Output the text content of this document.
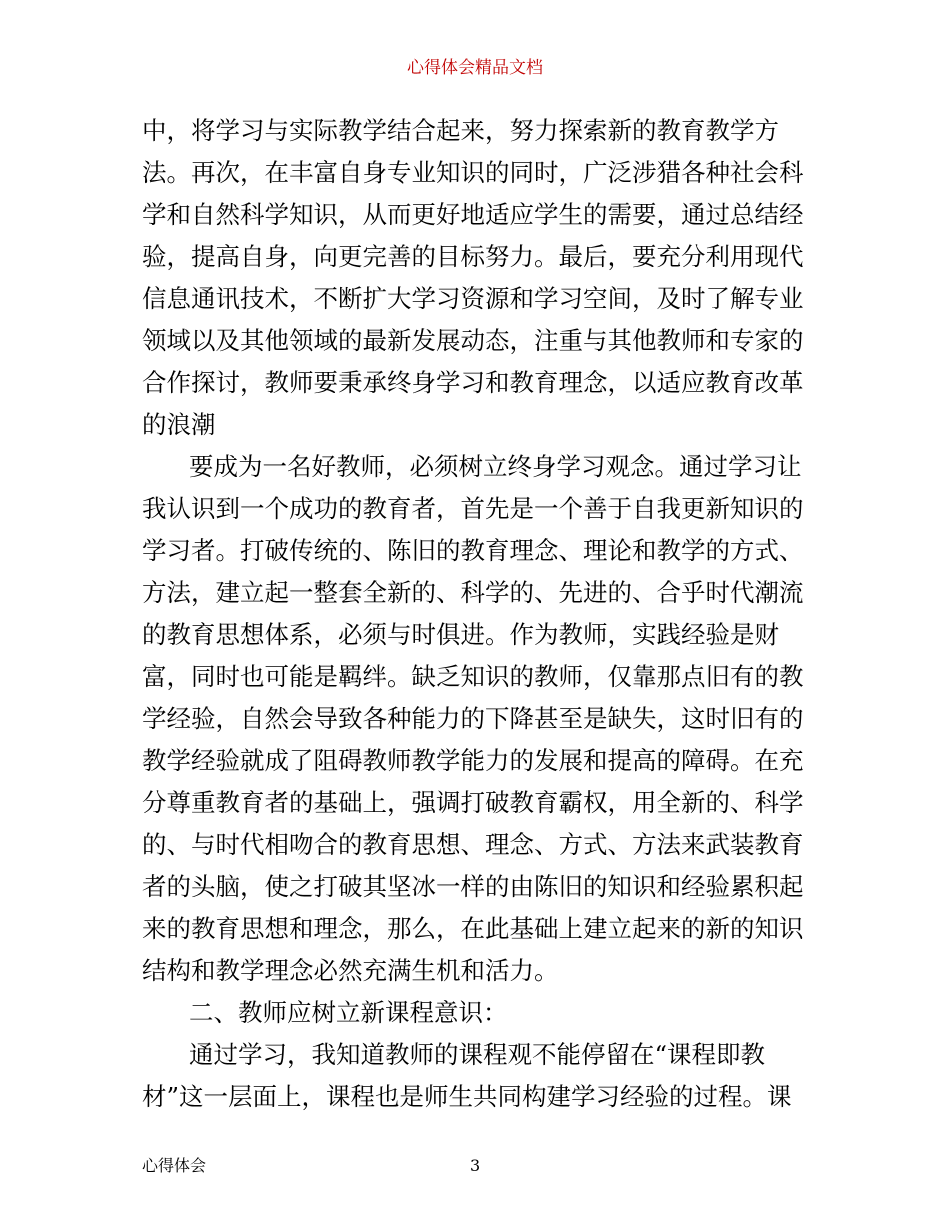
心得体会精品文档
中，将学习与实际教学结合起来，努力探索新的教育教学方
法。再次，在丰富自身专业知识的同时，广泛涉猎各种社会科
学和自然科学知识，从而更好地适应学生的需要，通过总结经
验，提高自身，向更完善的目标努力。最后，要充分利用现代
信息通讯技术，不断扩大学习资源和学习空间，及时了解专业
领域以及其他领域的最新发展动态，注重与其他教师和专家的
合作探讨，教师要秉承终身学习和教育理念，以适应教育改革
的浪潮
要成为一名好教师，必须树立终身学习观念。通过学习让
我认识到一个成功的教育者，首先是一个善于自我更新知识的
学习者。打破传统的、陈旧的教育理念、理论和教学的方式、
方法，建立起一整套全新的、科学的、先进的、合乎时代潮流
的教育思想体系，必须与时俱进。作为教师，实践经验是财
富，同时也可能是羁绊。缺乏知识的教师，仅靠那点旧有的教
学经验，自然会导致各种能力的下降甚至是缺失，这时旧有的
教学经验就成了阻碍教师教学能力的发展和提高的障碍。在充
分尊重教育者的基础上，强调打破教育霸权，用全新的、科学
的、与时代相吻合的教育思想、理念、方式、方法来武装教育
者的头脑，使之打破其坚冰一样的由陈旧的知识和经验累积起
来的教育思想和理念，那么，在此基础上建立起来的新的知识
结构和教学理念必然充满生机和活力。
二、教师应树立新课程意识：
通过学习，我知道教师的课程观不能停留在“课程即教
材”这一层面上，课程也是师生共同构建学习经验的过程。课
心得体会	3
